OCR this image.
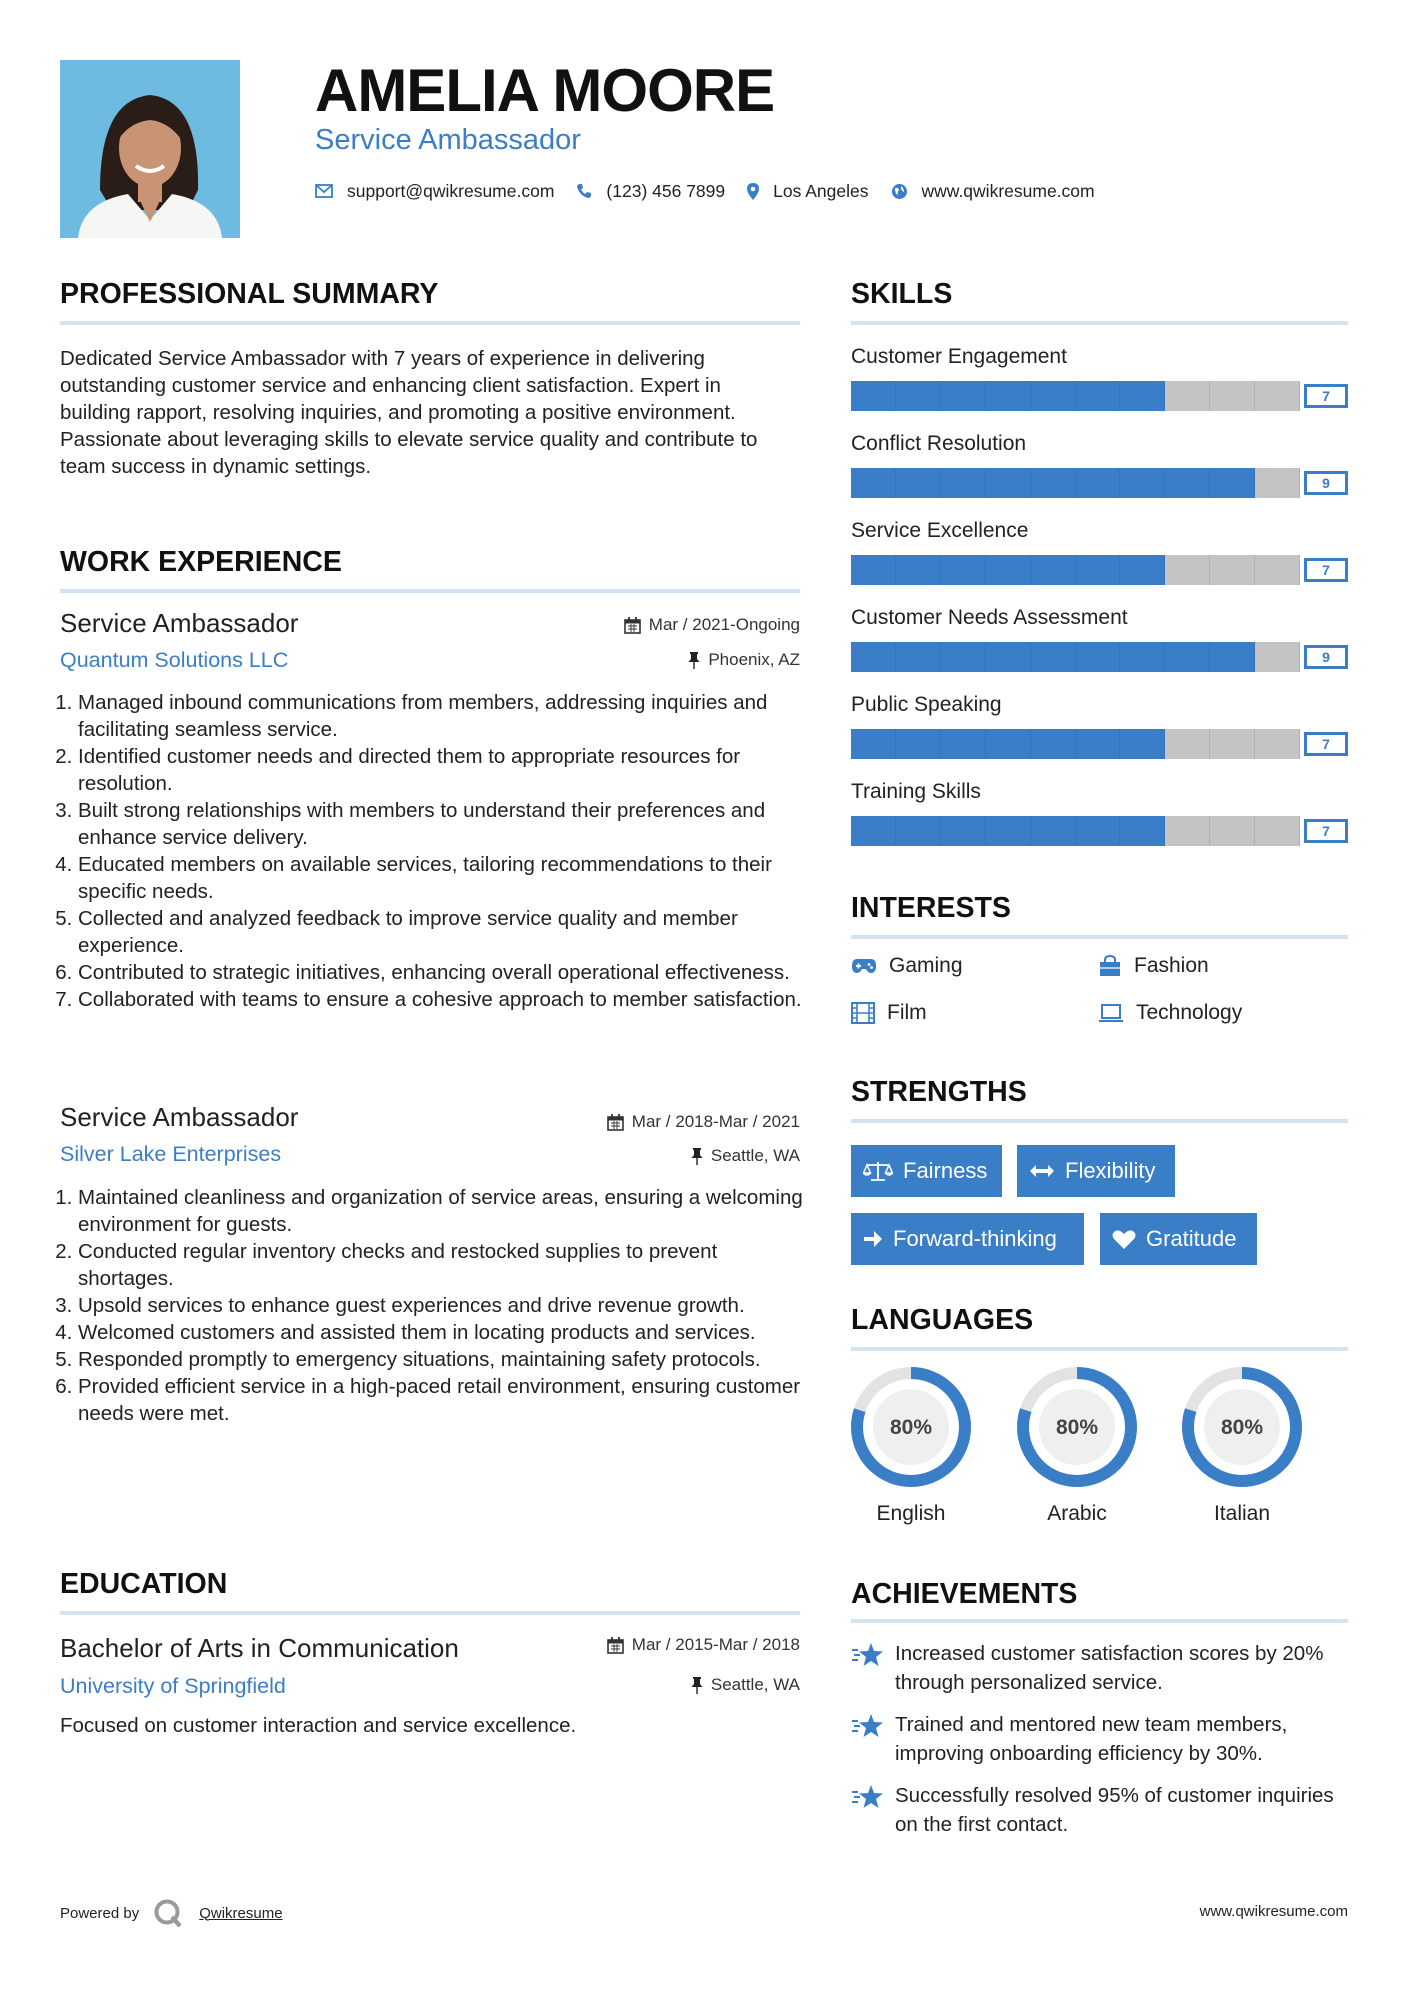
AMELIA MOORE
Service Ambassador
support@qwikresume.com	(123) 456 7899	Los Angeles	www.qwikresume.com
PROFESSIONAL SUMMARY
Dedicated Service Ambassador with 7 years of experience in delivering outstanding customer service and enhancing client satisfaction. Expert in building rapport, resolving inquiries, and promoting a positive environment. Passionate about leveraging skills to elevate service quality and contribute to team success in dynamic settings.
WORK EXPERIENCE
Service Ambassador	Mar / 2021-Ongoing
Quantum Solutions LLC	Phoenix, AZ
1. Managed inbound communications from members, addressing inquiries and facilitating seamless service.
2. Identified customer needs and directed them to appropriate resources for resolution.
3. Built strong relationships with members to understand their preferences and enhance service delivery.
4. Educated members on available services, tailoring recommendations to their specific needs.
5. Collected and analyzed feedback to improve service quality and member experience.
6. Contributed to strategic initiatives, enhancing overall operational effectiveness.
7. Collaborated with teams to ensure a cohesive approach to member satisfaction.
Service Ambassador	Mar / 2018-Mar / 2021
Silver Lake Enterprises	Seattle, WA
1. Maintained cleanliness and organization of service areas, ensuring a welcoming environment for guests.
2. Conducted regular inventory checks and restocked supplies to prevent shortages.
3. Upsold services to enhance guest experiences and drive revenue growth.
4. Welcomed customers and assisted them in locating products and services.
5. Responded promptly to emergency situations, maintaining safety protocols.
6. Provided efficient service in a high-paced retail environment, ensuring customer needs were met.
EDUCATION
Bachelor of Arts in Communication	Mar / 2015-Mar / 2018
University of Springfield	Seattle, WA
Focused on customer interaction and service excellence.
SKILLS
Customer Engagement
7
Conflict Resolution
9
Service Excellence
7
Customer Needs Assessment
9
Public Speaking
7
Training Skills
7
INTERESTS
Gaming	Fashion
Film	Technology
STRENGTHS
Fairness	Flexibility
Forward-thinking	Gratitude
LANGUAGES
80%
English
80%
Arabic
80%
Italian
ACHIEVEMENTS
Increased customer satisfaction scores by 20% through personalized service.
Trained and mentored new team members, improving onboarding efficiency by 30%.
Successfully resolved 95% of customer inquiries on the first contact.
Powered by	Qwikresume	www.qwikresume.com
